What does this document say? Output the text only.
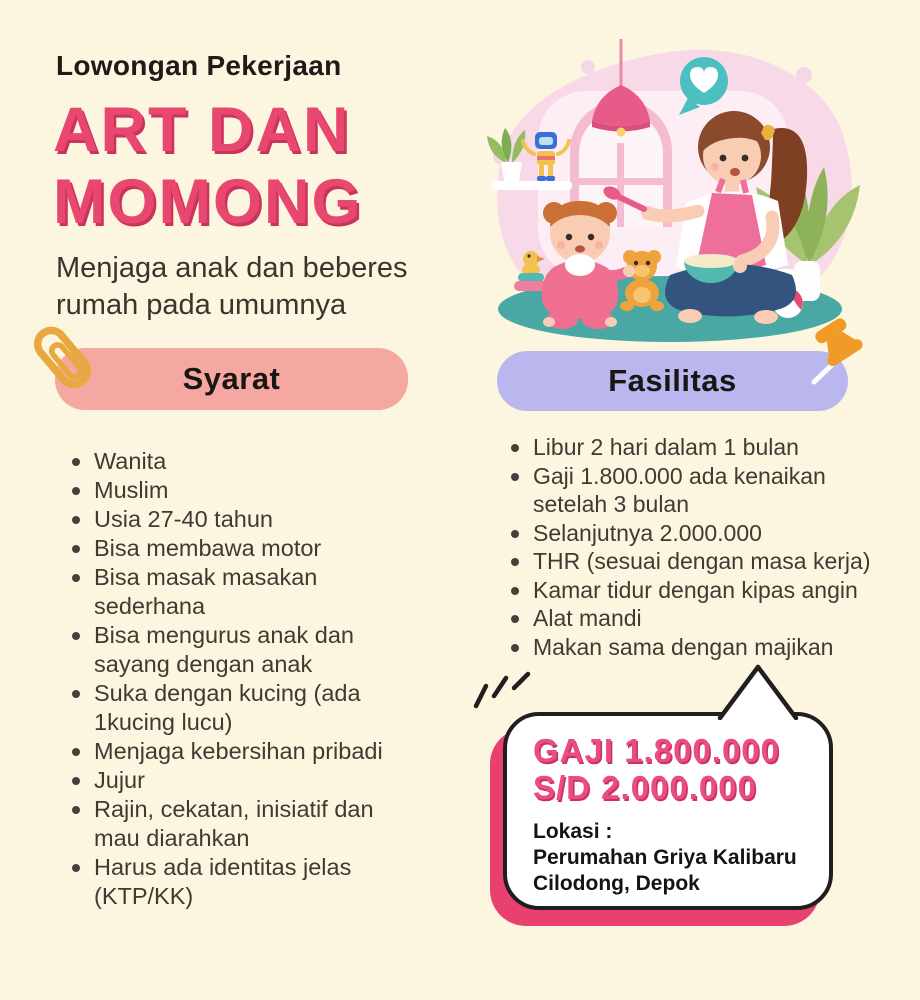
Lowongan Pekerjaan
ART DAN
MOMONG

Menjaga anak dan beberes
rumah pada umumnya

Syarat
Wanita
Muslim
Usia 27-40 tahun
Bisa membawa motor
Bisa masak masakan sederhana
Bisa mengurus anak dan sayang dengan anak
Suka dengan kucing (ada 1kucing lucu)
Menjaga kebersihan pribadi
Jujur
Rajin, cekatan, inisiatif dan mau diarahkan
Harus ada identitas jelas (KTP/KK)
Fasilitas
Libur 2 hari dalam 1 bulan
Gaji 1.800.000 ada kenaikan setelah 3 bulan
Selanjutnya 2.000.000
THR (sesuai dengan masa kerja)
Kamar tidur dengan kipas angin
Alat mandi
Makan sama dengan majikan
GAJI 1.800.000
S/D 2.000.000
Lokasi :
Perumahan Griya Kalibaru
Cilodong, Depok
